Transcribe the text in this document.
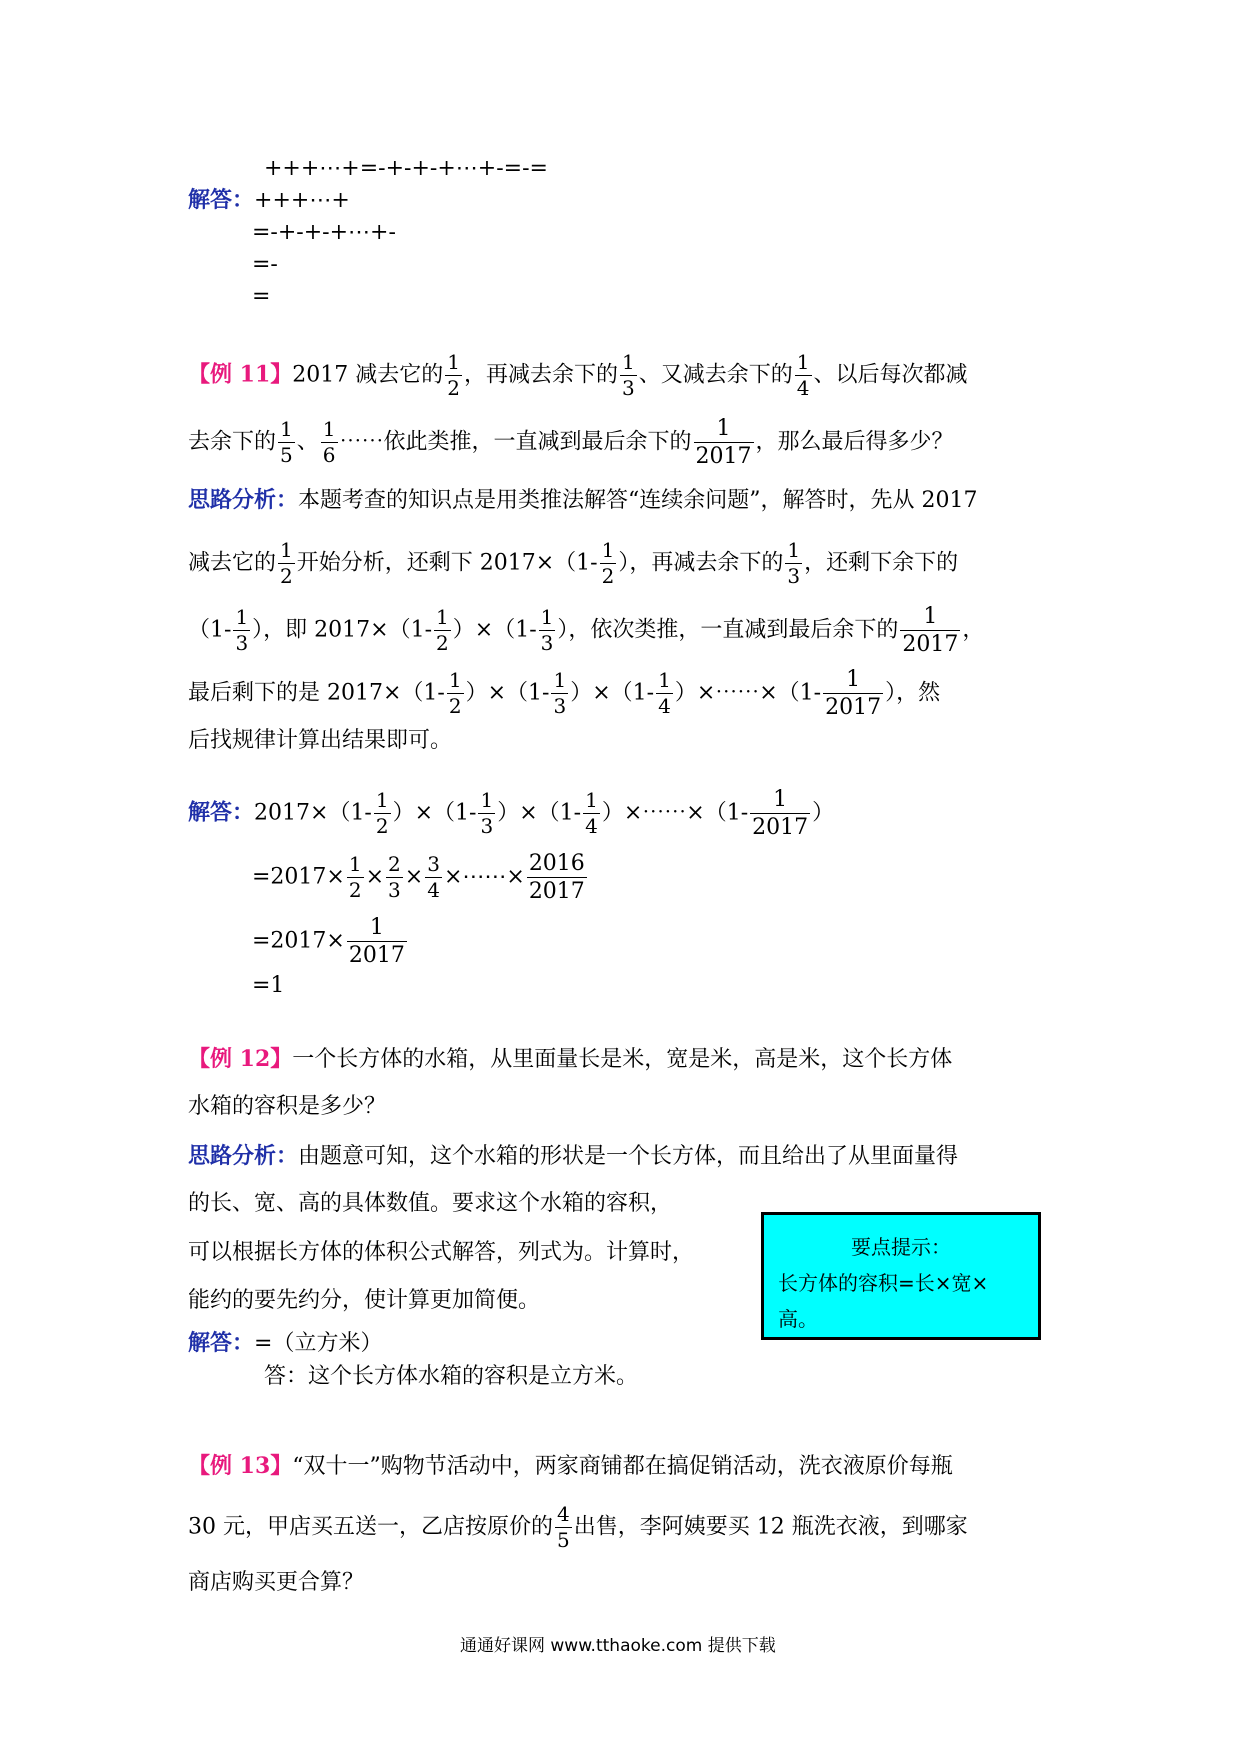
+++⋯+=-+-+-+⋯+-=-=
解答：+++⋯+
=-+-+-+⋯+-
=-
=
【例 11】2017 减去它的 $\frac{1}{2}$ ，再减去余下的 $\frac{1}{3}$ 、又减去余下的 $\frac{1}{4}$ 、以后每次都减
去余下的 $\frac{1}{5}$ 、 $\frac{1}{6}$ ⋯⋯依此类推，一直减到最后余下的 $\frac{1}{2017}$ ，那么最后得多少？
思路分析：本题考查的知识点是用类推法解答“连续余问题”，解答时，先从 2017
减去它的 $\frac{1}{2}$ 开始分析，还剩下 $2017\times(1- \frac{1}{2}$ ），再减去余下的 $\frac{1}{3}$ ，还剩下余下的
（$1- \frac{1}{3}$ ），即 $2017\times(1- \frac{1}{2} )\times(1- \frac{1}{3}$ ），依次类推，一直减到最后余下的 $\frac{1}{2017}$ ，
最后剩下的是 $2017\times(1- \frac{1}{2} )\times(1- \frac{1}{3} )\times(1- \frac{1}{4}$ ）×⋯⋯×（1- $\frac{1}{2017}$ ），然
后找规律计算出结果即可。
解答：$2017\times(1- \frac{1}{2} )\times(1- \frac{1}{3} )\times(1- \frac{1}{4}$ ）×⋯⋯×（1- $\frac{1}{2017}$ ）
$=2017\times \frac{1}{2} \times \frac{2}{3} \times \frac{3}{4}$ ×⋯⋯× $\frac{2016}{2017}$
$=2017\times \frac{1}{2017}$
=1
【例 12】一个长方体的水箱，从里面量长是米，宽是米，高是米，这个长方体
水箱的容积是多少？
思路分析：由题意可知，这个水箱的形状是一个长方体，而且给出了从里面量得
的长、宽、高的具体数值。要求这个水箱的容积，
可以根据长方体的体积公式解答，列式为。计算时，
能约的要先约分，使计算更加简便。
解答：=（立方米）
答：这个长方体水箱的容积是立方米。
要点提示：
长方体的容积=长×宽×
高。
【例 13】“双十一”购物节活动中，两家商铺都在搞促销活动，洗衣液原价每瓶
30 元，甲店买五送一，乙店按原价的 $\frac{4}{5}$ 出售，李阿姨要买 12 瓶洗衣液，到哪家
商店购买更合算？
通通好课网 www.tthaoke.com 提供下载
